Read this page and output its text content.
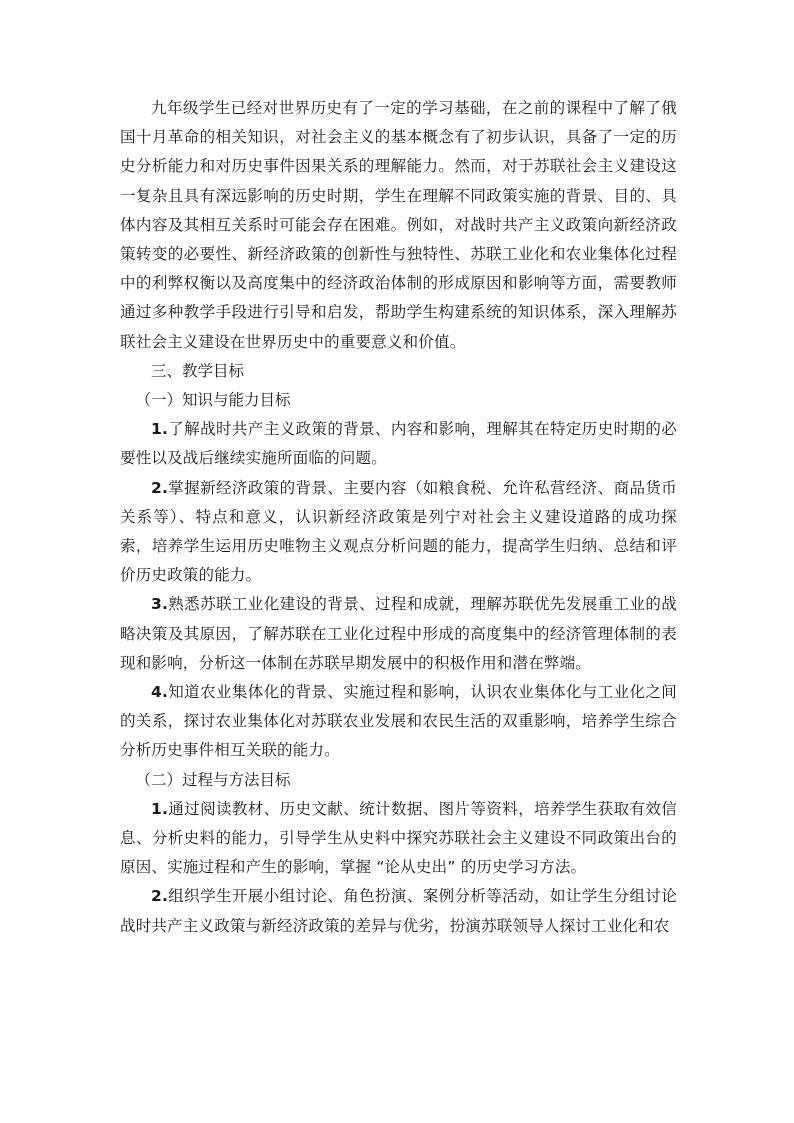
九年级学生已经对世界历史有了一定的学习基础，在之前的课程中了解了俄国十月革命的相关知识，对社会主义的基本概念有了初步认识，具备了一定的历史分析能力和对历史事件因果关系的理解能力。然而，对于苏联社会主义建设这一复杂且具有深远影响的历史时期，学生在理解不同政策实施的背景、目的、具体内容及其相互关系时可能会存在困难。例如，对战时共产主义政策向新经济政策转变的必要性、新经济政策的创新性与独特性、苏联工业化和农业集体化过程中的利弊权衡以及高度集中的经济政治体制的形成原因和影响等方面，需要教师通过多种教学手段进行引导和启发，帮助学生构建系统的知识体系，深入理解苏联社会主义建设在世界历史中的重要意义和价值。

三、教学目标

（一）知识与能力目标

1.了解战时共产主义政策的背景、内容和影响，理解其在特定历史时期的必要性以及战后继续实施所面临的问题。

2.掌握新经济政策的背景、主要内容（如粮食税、允许私营经济、商品货币关系等）、特点和意义，认识新经济政策是列宁对社会主义建设道路的成功探索，培养学生运用历史唯物主义观点分析问题的能力，提高学生归纳、总结和评价历史政策的能力。

3.熟悉苏联工业化建设的背景、过程和成就，理解苏联优先发展重工业的战略决策及其原因，了解苏联在工业化过程中形成的高度集中的经济管理体制的表现和影响，分析这一体制在苏联早期发展中的积极作用和潜在弊端。

4.知道农业集体化的背景、实施过程和影响，认识农业集体化与工业化之间的关系，探讨农业集体化对苏联农业发展和农民生活的双重影响，培养学生综合分析历史事件相互关联的能力。

（二）过程与方法目标

1.通过阅读教材、历史文献、统计数据、图片等资料，培养学生获取有效信息、分析史料的能力，引导学生从史料中探究苏联社会主义建设不同政策出台的原因、实施过程和产生的影响，掌握 “论从史出” 的历史学习方法。

2.组织学生开展小组讨论、角色扮演、案例分析等活动，如让学生分组讨论战时共产主义政策与新经济政策的差异与优劣，扮演苏联领导人探讨工业化和农
